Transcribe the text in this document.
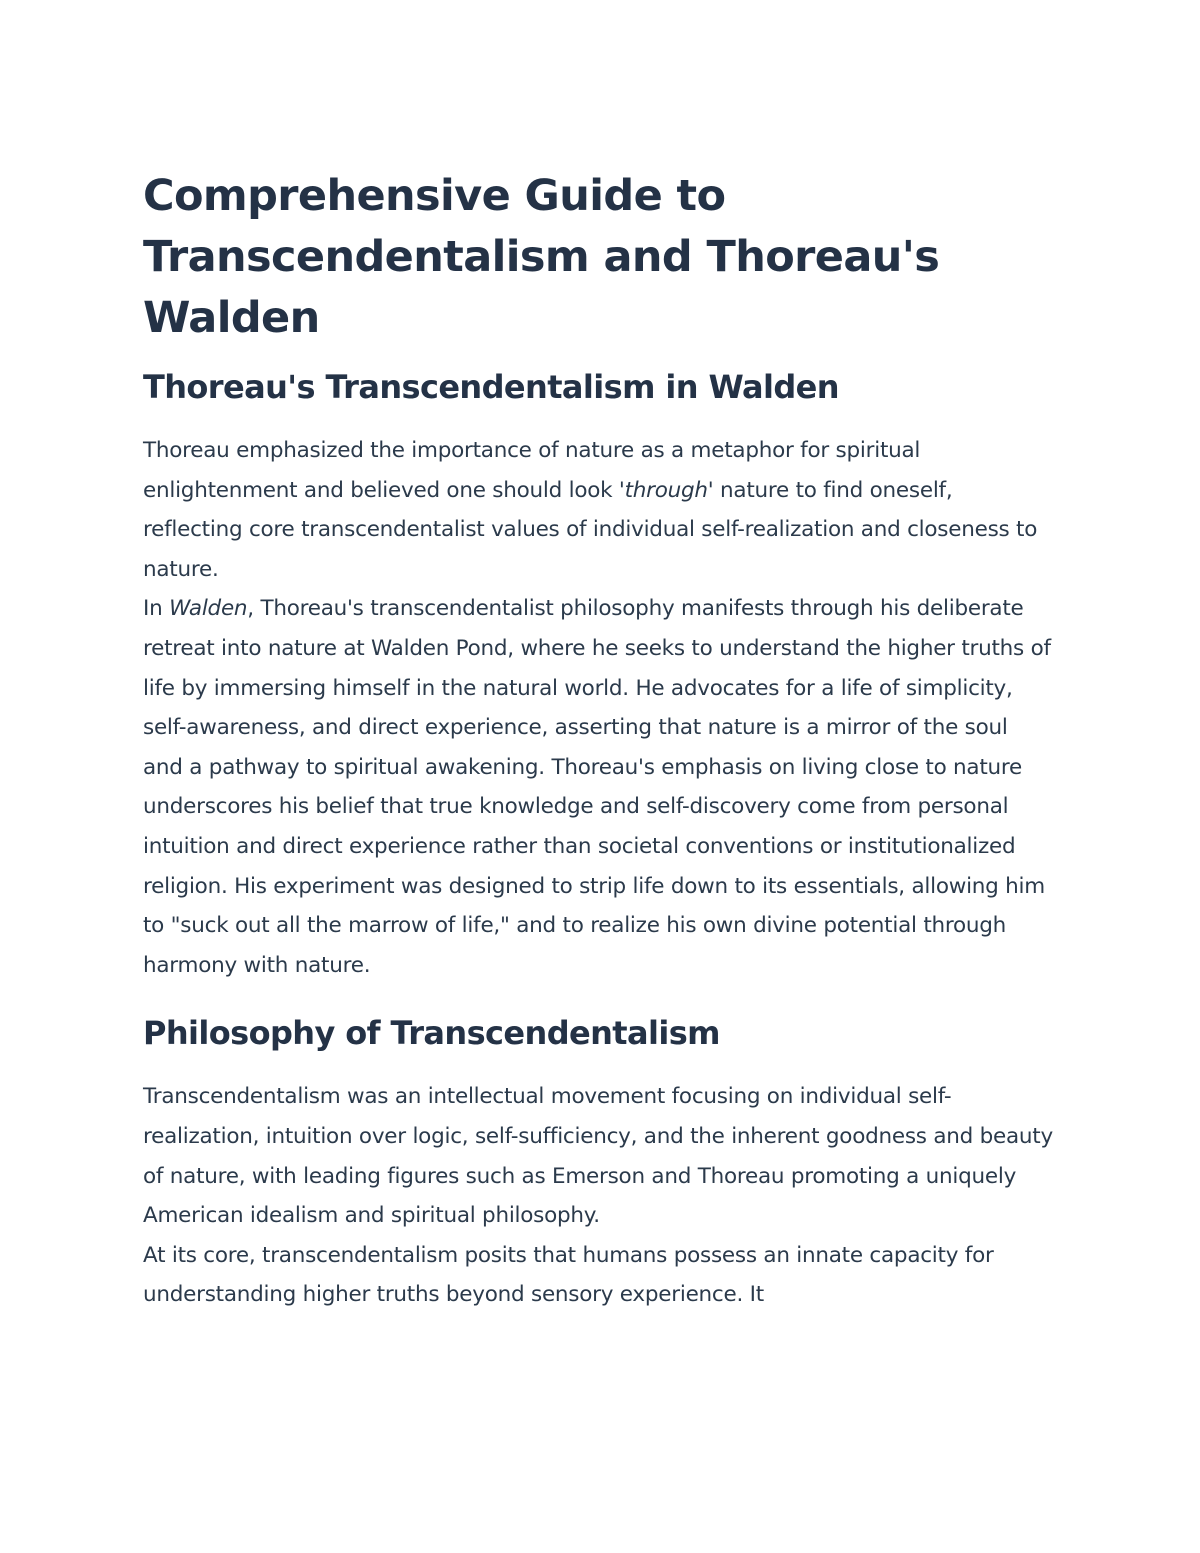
Comprehensive Guide to Transcendentalism and Thoreau's Walden
Thoreau's Transcendentalism in Walden

Thoreau emphasized the importance of nature as a metaphor for spiritual enlightenment and believed one should look 'through' nature to find oneself, reflecting core transcendentalist values of individual self-realization and closeness to nature.

In Walden, Thoreau's transcendentalist philosophy manifests through his deliberate retreat into nature at Walden Pond, where he seeks to understand the higher truths of life by immersing himself in the natural world. He advocates for a life of simplicity, self-awareness, and direct experience, asserting that nature is a mirror of the soul and a pathway to spiritual awakening. Thoreau's emphasis on living close to nature underscores his belief that true knowledge and self-discovery come from personal intuition and direct experience rather than societal conventions or institutionalized religion. His experiment was designed to strip life down to its essentials, allowing him to "suck out all the marrow of life," and to realize his own divine potential through harmony with nature.

Philosophy of Transcendentalism

Transcendentalism was an intellectual movement focusing on individual self-realization, intuition over logic, self-sufficiency, and the inherent goodness and beauty of nature, with leading figures such as Emerson and Thoreau promoting a uniquely American idealism and spiritual philosophy.

At its core, transcendentalism posits that humans possess an innate capacity for understanding higher truths beyond sensory experience. It
